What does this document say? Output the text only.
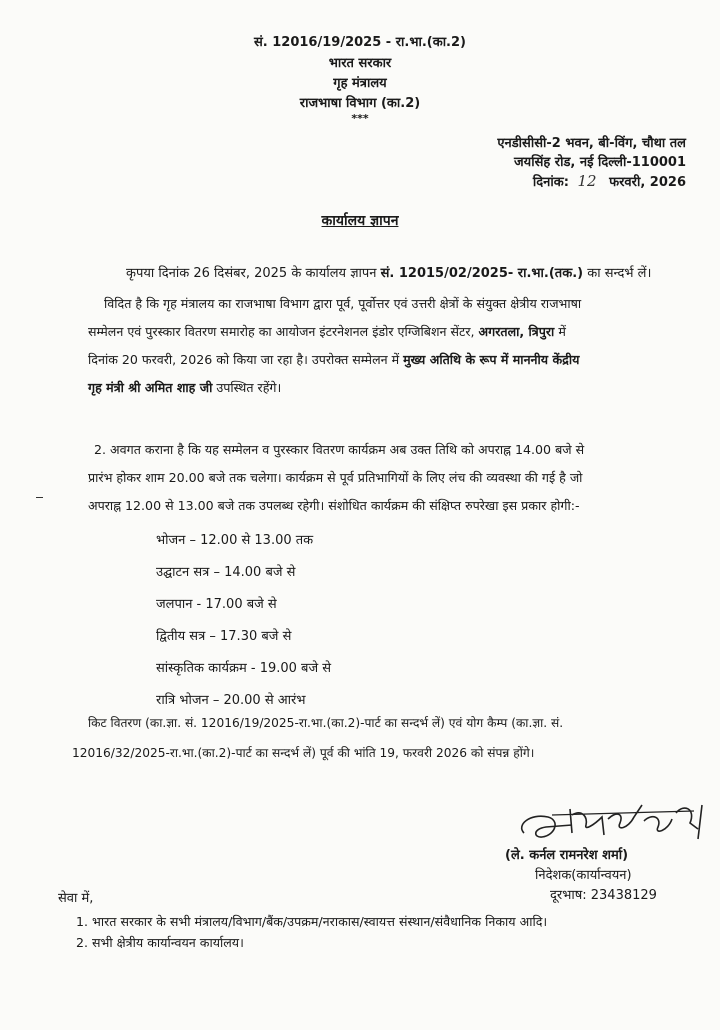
सं. 12016/19/2025 - रा.भा.(का.2)
भारत सरकार
गृह मंत्रालय
राजभाषा विभाग (का.2)
***
एनडीसीसी-2 भवन, बी-विंग, चौथा तल
जयसिंह रोड, नई दिल्ली-110001
दिनांक: 12 फरवरी, 2026
कार्यालय ज्ञापन
कृपया दिनांक 26 दिसंबर, 2025 के कार्यालय ज्ञापन सं. 12015/02/2025- रा.भा.(तक.) का सन्दर्भ लें।
विदित है कि गृह मंत्रालय का राजभाषा विभाग द्वारा पूर्व, पूर्वोत्तर एवं उत्तरी क्षेत्रों के संयुक्त क्षेत्रीय राजभाषा
सम्मेलन एवं पुरस्कार वितरण समारोह का आयोजन इंटरनेशनल इंडोर एग्जिबिशन सेंटर, अगरतला, त्रिपुरा में
दिनांक 20 फरवरी, 2026 को किया जा रहा है। उपरोक्त सम्मेलन में मुख्य अतिथि के रूप में माननीय केंद्रीय
गृह मंत्री श्री अमित शाह जी उपस्थित रहेंगे।
2. अवगत कराना है कि यह सम्मेलन व पुरस्कार वितरण कार्यक्रम अब उक्त तिथि को अपराह्न 14.00 बजे से
प्रारंभ होकर शाम 20.00 बजे तक चलेगा। कार्यक्रम से पूर्व प्रतिभागियों के लिए लंच की व्यवस्था की गई है जो
अपराह्न 12.00 से 13.00 बजे तक उपलब्ध रहेगी। संशोधित कार्यक्रम की संक्षिप्त रुपरेखा इस प्रकार होगी:-
भोजन – 12.00 से 13.00 तक
उद्घाटन सत्र – 14.00 बजे से
जलपान - 17.00 बजे से
द्वितीय सत्र – 17.30 बजे से
सांस्कृतिक कार्यक्रम - 19.00 बजे से
रात्रि भोजन – 20.00 से आरंभ
किट वितरण (का.ज्ञा. सं. 12016/19/2025-रा.भा.(का.2)-पार्ट का सन्दर्भ लें) एवं योग कैम्प (का.ज्ञा. सं.
12016/32/2025-रा.भा.(का.2)-पार्ट का सन्दर्भ लें) पूर्व की भांति 19, फरवरी 2026 को संपन्न होंगे।
(ले. कर्नल रामनरेश शर्मा)
निदेशक(कार्यान्वयन)
दूरभाष: 23438129
सेवा में,
1. भारत सरकार के सभी मंत्रालय/विभाग/बैंक/उपक्रम/नराकास/स्वायत्त संस्थान/संवैधानिक निकाय आदि।
2. सभी क्षेत्रीय कार्यान्वयन कार्यालय।
